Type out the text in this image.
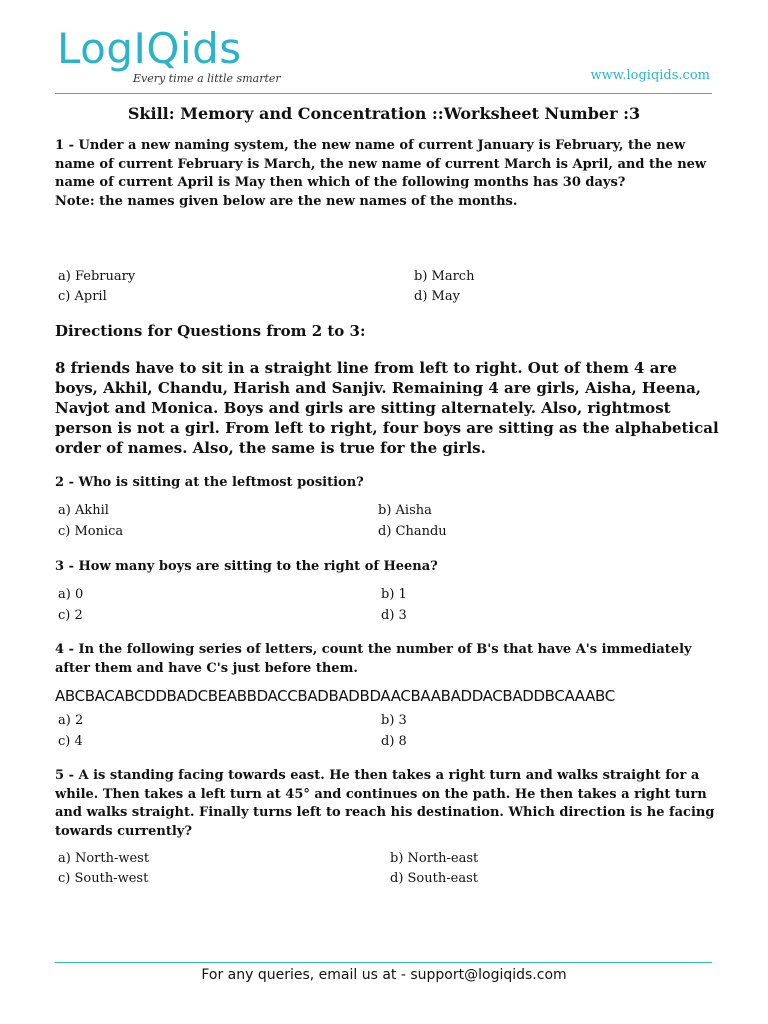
LogIQids
Every time a little smarter	www.logiqids.com
Skill: Memory and Concentration ::Worksheet Number :3
1 - Under a new naming system, the new name of current January is February, the new name of current February is March, the new name of current March is April, and the new name of current April is May then which of the following months has 30 days?
Note: the names given below are the new names of the months.
a) February	b) March
c) April	d) May
Directions for Questions from 2 to 3:
8 friends have to sit in a straight line from left to right. Out of them 4 are boys, Akhil, Chandu, Harish and Sanjiv. Remaining 4 are girls, Aisha, Heena, Navjot and Monica. Boys and girls are sitting alternately. Also, rightmost person is not a girl. From left to right, four boys are sitting as the alphabetical order of names. Also, the same is true for the girls.
2 - Who is sitting at the leftmost position?
a) Akhil	b) Aisha
c) Monica	d) Chandu
3 - How many boys are sitting to the right of Heena?
a) 0	b) 1
c) 2	d) 3
4 - In the following series of letters, count the number of B's that have A's immediately after them and have C's just before them.
ABCBACABCDDBADCBEABBDACCBADBADBDAACBAABADDACBADDBCAAABC
a) 2	b) 3
c) 4	d) 8
5 - A is standing facing towards east. He then takes a right turn and walks straight for a while. Then takes a left turn at 45° and continues on the path. He then takes a right turn and walks straight. Finally turns left to reach his destination. Which direction is he facing towards currently?
a) North-west	b) North-east
c) South-west	d) South-east
For any queries, email us at - support@logiqids.com
